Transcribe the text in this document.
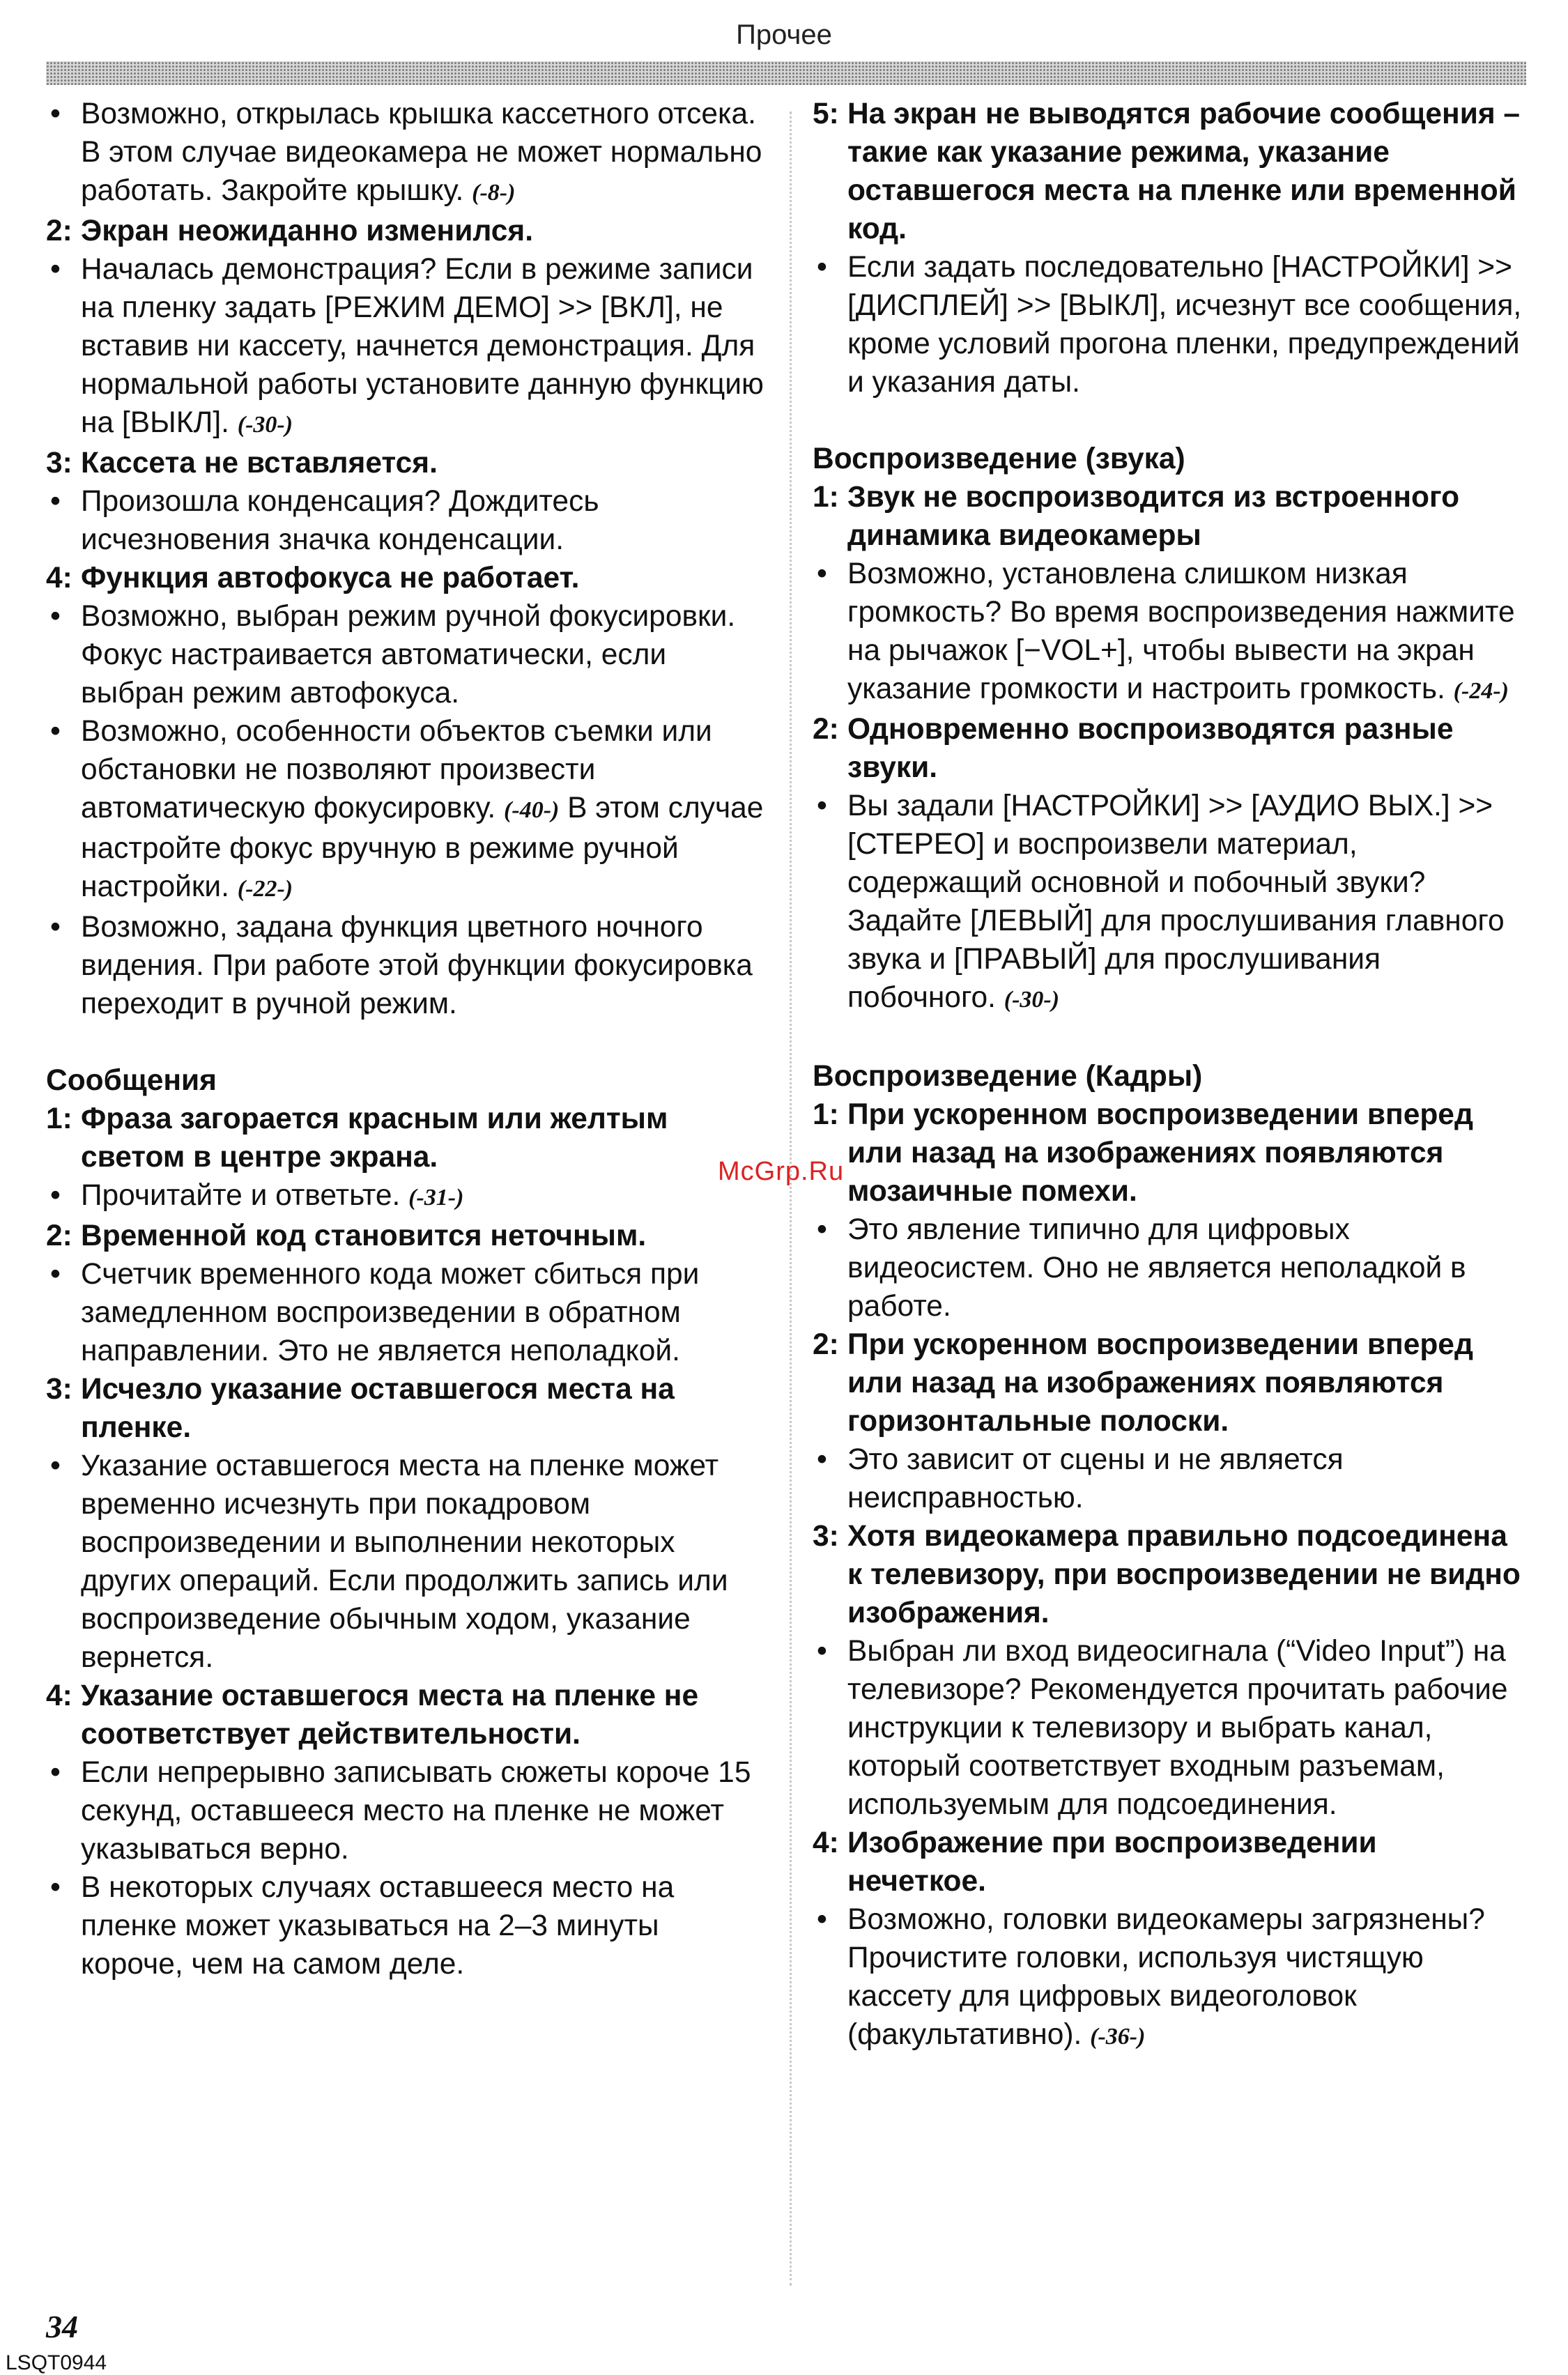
Прочее
• Возможно, открылась крышка кассетного отсека. В этом случае видеокамера не может нормально работать. Закройте крышку. (-8-)
2: Экран неожиданно изменился.
• Началась демонстрация? Если в режиме записи на пленку задать [РЕЖИМ ДЕМО] >> [ВКЛ], не вставив ни кассету, начнется демонстрация. Для нормальной работы установите данную функцию на [ВЫКЛ]. (-30-)
3: Кассета не вставляется.
• Произошла конденсация? Дождитесь исчезновения значка конденсации.
4: Функция автофокуса не работает.
• Возможно, выбран режим ручной фокусировки. Фокус настраивается автоматически, если выбран режим автофокуса.
• Возможно, особенности объектов съемки или обстановки не позволяют произвести автоматическую фокусировку. (-40-) В этом случае настройте фокус вручную в режиме ручной настройки. (-22-)
• Возможно, задана функция цветного ночного видения. При работе этой функции фокусировка переходит в ручной режим.
Сообщения
1: Фраза загорается красным или желтым светом в центре экрана.
• Прочитайте и ответьте. (-31-)
2: Временной код становится неточным.
• Счетчик временного кода может сбиться при замедленном воспроизведении в обратном направлении. Это не является неполадкой.
3: Исчезло указание оставшегося места на пленке.
• Указание оставшегося места на пленке может временно исчезнуть при покадровом воспроизведении и выполнении некоторых других операций. Если продолжить запись или воспроизведение обычным ходом, указание вернется.
4: Указание оставшегося места на пленке не соответствует действительности.
• Если непрерывно записывать сюжеты короче 15 секунд, оставшееся место на пленке не может указываться верно.
• В некоторых случаях оставшееся место на пленке может указываться на 2–3 минуты короче, чем на самом деле.
5: На экран не выводятся рабочие сообщения – такие как указание режима, указание оставшегося места на пленке или временной код.
• Если задать последовательно [НАСТРОЙКИ] >> [ДИСПЛЕЙ] >> [ВЫКЛ], исчезнут все сообщения, кроме условий прогона пленки, предупреждений и указания даты.
Воспроизведение (звука)
1: Звук не воспроизводится из встроенного динамика видеокамеры
• Возможно, установлена слишком низкая громкость? Во время воспроизведения нажмите на рычажок [−VOL+], чтобы вывести на экран указание громкости и настроить громкость. (-24-)
2: Одновременно воспроизводятся разные звуки.
• Вы задали [НАСТРОЙКИ] >> [АУДИО ВЫХ.] >> [СТЕРЕО] и воспроизвели материал, содержащий основной и побочный звуки? Задайте [ЛЕВЫЙ] для прослушивания главного звука и [ПРАВЫЙ] для прослушивания побочного. (-30-)
Воспроизведение (Кадры)
1: При ускоренном воспроизведении вперед или назад на изображениях появляются мозаичные помехи.
• Это явление типично для цифровых видеосистем. Оно не является неполадкой в работе.
2: При ускоренном воспроизведении вперед или назад на изображениях появляются горизонтальные полоски.
• Это зависит от сцены и не является неисправностью.
3: Хотя видеокамера правильно подсоединена к телевизору, при воспроизведении не видно изображения.
• Выбран ли вход видеосигнала (“Video Input”) на телевизоре? Рекомендуется прочитать рабочие инструкции к телевизору и выбрать канал, который соответствует входным разъемам, используемым для подсоединения.
4: Изображение при воспроизведении нечеткое.
• Возможно, головки видеокамеры загрязнены? Прочистите головки, используя чистящую кассету для цифровых видеоголовок (факультативно). (-36-)
McGrp.Ru
34
LSQT0944
